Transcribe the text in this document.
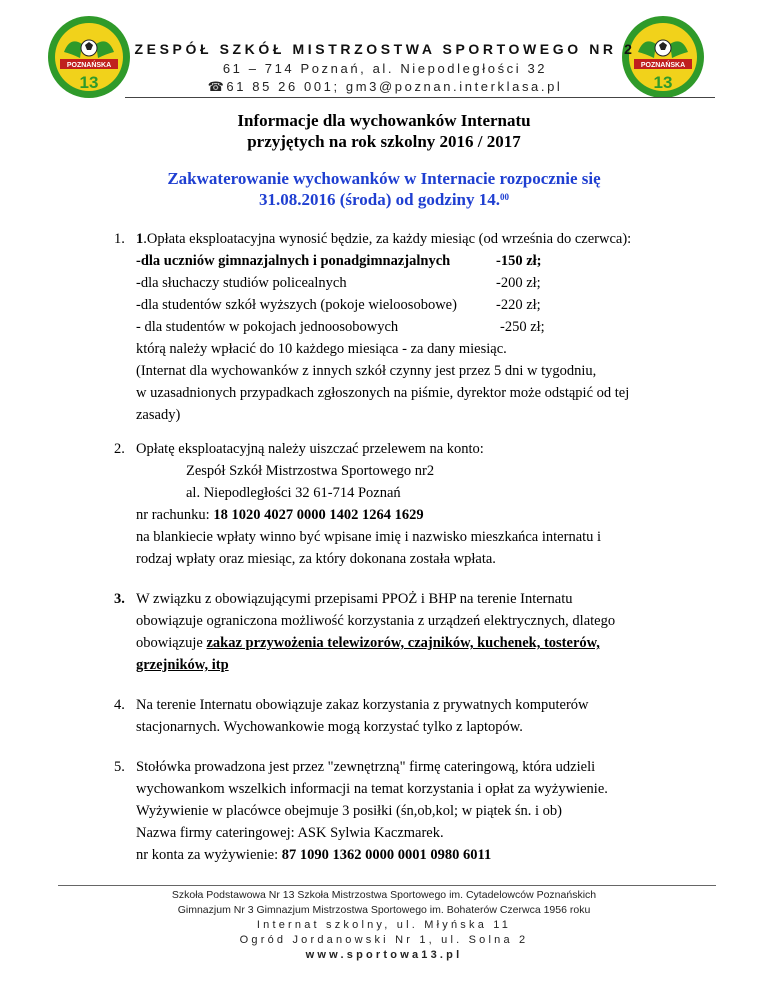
POZNAŃSKA
13
POZNAŃSKA
13
ZESPÓŁ SZKÓŁ MISTRZOSTWA SPORTOWEGO NR 2
61 – 714 Poznań, al. Niepodległości 32
☎61 85 26 001; gm3@poznan.interklasa.pl
Informacje dla wychowanków Internatu
przyjętych na rok szkolny 2016 / 2017
Zakwaterowanie wychowanków w Internacie rozpocznie się
31.08.2016 (środa) od godziny 14.00
1. 1.Opłata eksploatacyjna wynosić będzie, za każdy miesiąc (od września do czerwca):
-dla uczniów gimnazjalnych i ponadgimnazjalnych	-150 zł;
-dla słuchaczy studiów policealnych	-200 zł;
-dla studentów szkół wyższych (pokoje wieloosobowe)	-220 zł;
- dla studentów w pokojach jednoosobowych	-250 zł;
którą należy wpłacić do 10 każdego miesiąca - za dany miesiąc.
(Internat dla wychowanków z innych szkół czynny jest przez 5 dni w tygodniu,
w uzasadnionych przypadkach zgłoszonych na piśmie, dyrektor może odstąpić od tej
zasady)
2. Opłatę eksploatacyjną należy uiszczać przelewem na konto:
Zespół Szkół Mistrzostwa Sportowego nr2
al. Niepodległości 32 61-714 Poznań
nr rachunku: 18 1020 4027 0000 1402 1264 1629
na blankiecie wpłaty winno być wpisane imię i nazwisko mieszkańca internatu i
rodzaj wpłaty oraz miesiąc, za który dokonana została wpłata.
3. W związku z obowiązującymi przepisami PPOŻ i BHP na terenie Internatu
obowiązuje ograniczona możliwość korzystania z urządzeń elektrycznych, dlatego
obowiązuje zakaz przywożenia telewizorów, czajników, kuchenek, tosterów,
grzejników, itp
4. Na terenie Internatu obowiązuje zakaz korzystania z prywatnych komputerów
stacjonarnych. Wychowankowie mogą korzystać tylko z laptopów.
5. Stołówka prowadzona jest przez "zewnętrzną" firmę cateringową, która udzieli
wychowankom wszelkich informacji na temat korzystania i opłat za wyżywienie.
Wyżywienie w placówce obejmuje 3 posiłki (śn,ob,kol; w piątek śn. i ob)
Nazwa firmy cateringowej: ASK Sylwia Kaczmarek.
nr konta za wyżywienie: 87 1090 1362 0000 0001 0980 6011
Szkoła Podstawowa Nr 13 Szkoła Mistrzostwa Sportowego im. Cytadelowców Poznańskich
Gimnazjum Nr 3 Gimnazjum Mistrzostwa Sportowego im. Bohaterów Czerwca 1956 roku
Internat szkolny, ul. Młyńska 11
Ogród Jordanowski Nr 1, ul. Solna 2
www.sportowa13.pl
